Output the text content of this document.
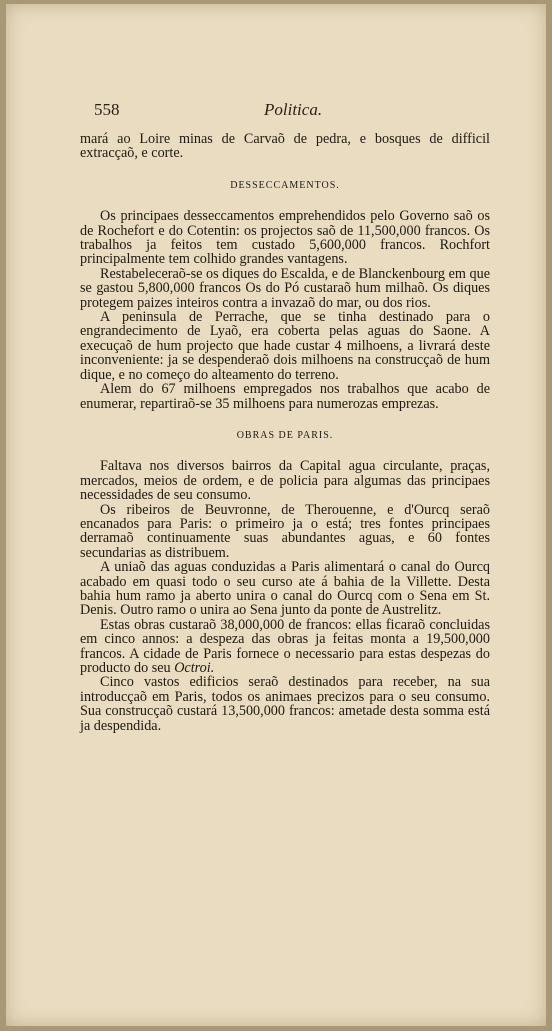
558	Politica.

mará ao Loire minas de Carvaõ de pedra, e bosques de difficil extracçaõ, e corte.

DESSECCAMENTOS.

Os principaes desseccamentos emprehendidos pelo Governo saõ os de Rochefort e do Cotentin: os projectos saõ de 11,500,000 francos. Os trabalhos ja feitos tem custado 5,600,000 francos. Rochfort principalmente tem colhido grandes vantagens.

Restabeleceraõ-se os diques do Escalda, e de Blanckenbourg em que se gastou 5,800,000 francos Os do Pó custaraõ hum milhaõ. Os diques protegem paizes inteiros contra a invazaõ do mar, ou dos rios.

A peninsula de Perrache, que se tinha destinado para o engrandecimento de Lyaõ, era coberta pelas aguas do Saone. A execuçaõ de hum projecto que hade custar 4 milhoens, a livrará deste inconveniente: ja se despenderaõ dois milhoens na construcçaõ de hum dique, e no começo do alteamento do terreno.

Alem do 67 milhoens empregados nos trabalhos que acabo de enumerar, repartiraõ-se 35 milhoens para numerozas emprezas.

OBRAS DE PARIS.

Faltava nos diversos bairros da Capital agua circulante, praças, mercados, meios de ordem, e de policia para algumas das principaes necessidades de seu consumo.

Os ribeiros de Beuvronne, de Therouenne, e d'Ourcq seraõ encanados para Paris: o primeiro ja o está; tres fontes principaes derramaõ continuamente suas abundantes aguas, e 60 fontes secundarias as distribuem.

A uniaõ das aguas conduzidas a Paris alimentará o canal do Ourcq acabado em quasi todo o seu curso ate á bahia de la Villette. Desta bahia hum ramo ja aberto unira o canal do Ourcq com o Sena em St. Denis. Outro ramo o unira ao Sena junto da ponte de Austrelitz.

Estas obras custaraõ 38,000,000 de francos: ellas ficaraõ concluidas em cinco annos: a despeza das obras ja feitas monta a 19,500,000 francos. A cidade de Paris fornece o necessario para estas despezas do producto do seu Octroi.

Cinco vastos edificios seraõ destinados para receber, na sua introducçaõ em Paris, todos os animaes precizos para o seu consumo. Sua construcçaõ custará 13,500,000 francos: ametade desta somma está ja despendida.
